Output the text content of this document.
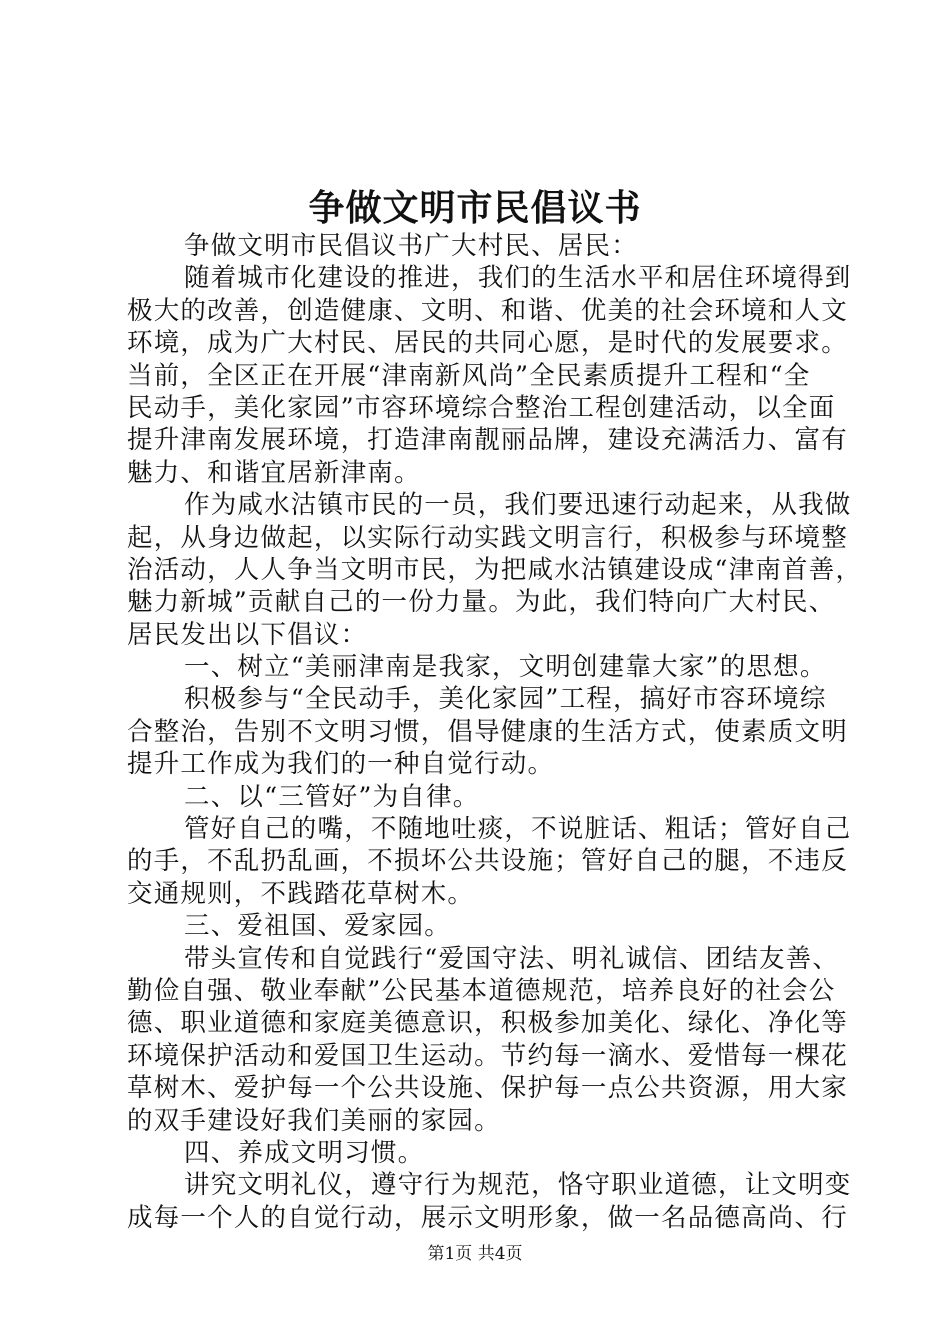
争做文明市民倡议书
争做文明市民倡议书广大村民、居民：
随着城市化建设的推进，我们的生活水平和居住环境得到
极大的改善，创造健康、文明、和谐、优美的社会环境和人文
环境，成为广大村民、居民的共同心愿，是时代的发展要求。
当前，全区正在开展“津南新风尚”全民素质提升工程和“全
民动手，美化家园”市容环境综合整治工程创建活动，以全面
提升津南发展环境，打造津南靓丽品牌，建设充满活力、富有
魅力、和谐宜居新津南。
作为咸水沽镇市民的一员，我们要迅速行动起来，从我做
起，从身边做起，以实际行动实践文明言行，积极参与环境整
治活动，人人争当文明市民，为把咸水沽镇建设成“津南首善，
魅力新城”贡献自己的一份力量。为此，我们特向广大村民、
居民发出以下倡议：
一、树立“美丽津南是我家，文明创建靠大家”的思想。
积极参与“全民动手，美化家园”工程，搞好市容环境综
合整治，告别不文明习惯，倡导健康的生活方式，使素质文明
提升工作成为我们的一种自觉行动。
二、以“三管好”为自律。
管好自己的嘴，不随地吐痰，不说脏话、粗话；管好自己
的手，不乱扔乱画，不损坏公共设施；管好自己的腿，不违反
交通规则，不践踏花草树木。
三、爱祖国、爱家园。
带头宣传和自觉践行“爱国守法、明礼诚信、团结友善、
勤俭自强、敬业奉献”公民基本道德规范，培养良好的社会公
德、职业道德和家庭美德意识，积极参加美化、绿化、净化等
环境保护活动和爱国卫生运动。节约每一滴水、爱惜每一棵花
草树木、爱护每一个公共设施、保护每一点公共资源，用大家
的双手建设好我们美丽的家园。
四、养成文明习惯。
讲究文明礼仪，遵守行为规范，恪守职业道德，让文明变
成每一个人的自觉行动，展示文明形象，做一名品德高尚、行
第1页 共4页
